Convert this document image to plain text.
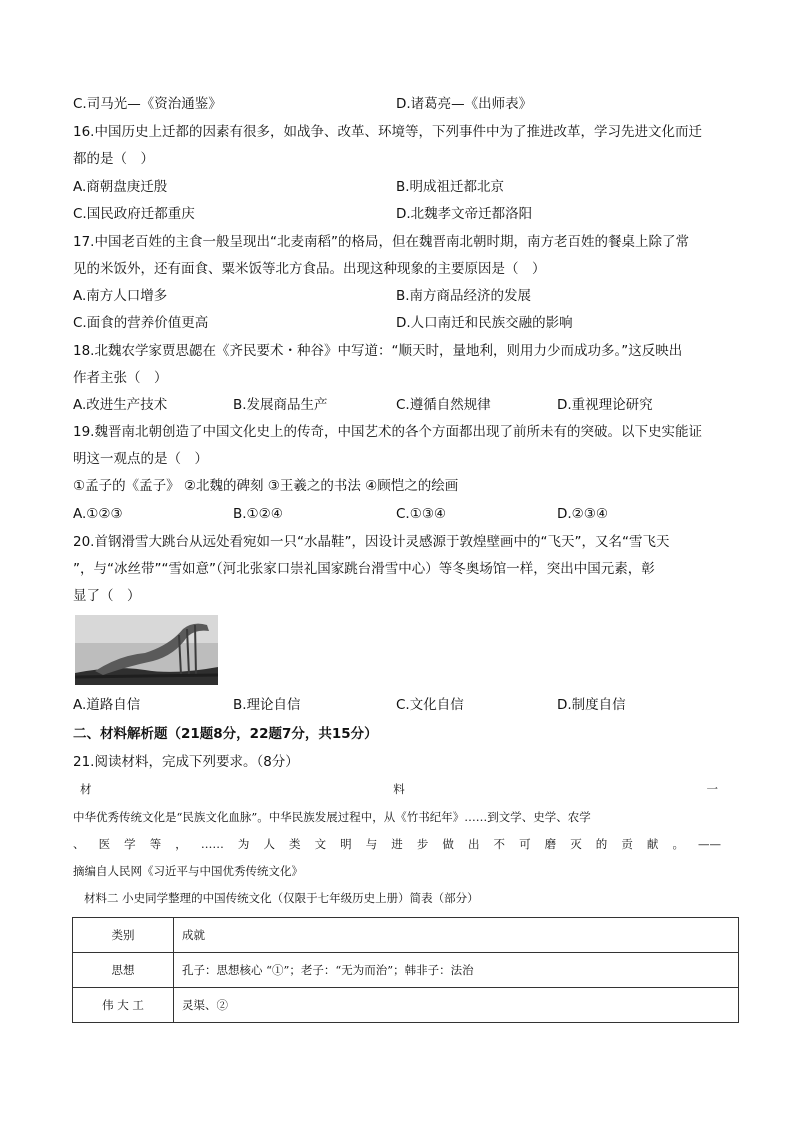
C.司马光—《资治通鉴》	D.诸葛亮—《出师表》
16.中国历史上迁都的因素有很多，如战争、改革、环境等，下列事件中为了推进改革，学习先进文化而迁
都的是（　）
A.商朝盘庚迁殷	B.明成祖迁都北京
C.国民政府迁都重庆	D.北魏孝文帝迁都洛阳
17.中国老百姓的主食一般呈现出“北麦南稻”的格局，但在魏晋南北朝时期，南方老百姓的餐桌上除了常
见的米饭外，还有面食、粟米饭等北方食品。出现这种现象的主要原因是（　）
A.南方人口增多	B.南方商品经济的发展
C.面食的营养价值更高	D.人口南迁和民族交融的影响
18.北魏农学家贾思勰在《齐民要术・种谷》中写道：“顺天时，量地利，则用力少而成功多。”这反映出
作者主张（　）
A.改进生产技术	B.发展商品生产	C.遵循自然规律	D.重视理论研究
19.魏晋南北朝创造了中国文化史上的传奇，中国艺术的各个方面都出现了前所未有的突破。以下史实能证
明这一观点的是（　）
①孟子的《孟子》 ②北魏的碑刻 ③王羲之的书法 ④顾恺之的绘画
A.①②③	B.①②④	C.①③④	D.②③④
20.首钢滑雪大跳台从远处看宛如一只“水晶鞋”，因设计灵感源于敦煌壁画中的“飞天”，又名“雪飞天
”，与“冰丝带”“雪如意”（河北张家口崇礼国家跳台滑雪中心）等冬奥场馆一样，突出中国元素，彰
显了（　）
A.道路自信	B.理论自信	C.文化自信	D.制度自信
二、材料解析题（21题8分，22题7分，共15分）
21.阅读材料，完成下列要求。（8分）
材	料	一
中华优秀传统文化是“民族文化血脉”。中华民族发展过程中，从《竹书纪年》……到文学、史学、农学
、 医 学 等 ， …… 为 人 类 文 明 与 进 步 做 出 不 可 磨 灭 的 贡 献 。 ——
摘编自人民网《习近平与中国优秀传统文化》
材料二 小史同学整理的中国传统文化（仅限于七年级历史上册）简表（部分）
类别	成就
思想	孔子：思想核心 “①”；老子：“无为而治”；韩非子：法治
伟 大 工	灵渠、②
